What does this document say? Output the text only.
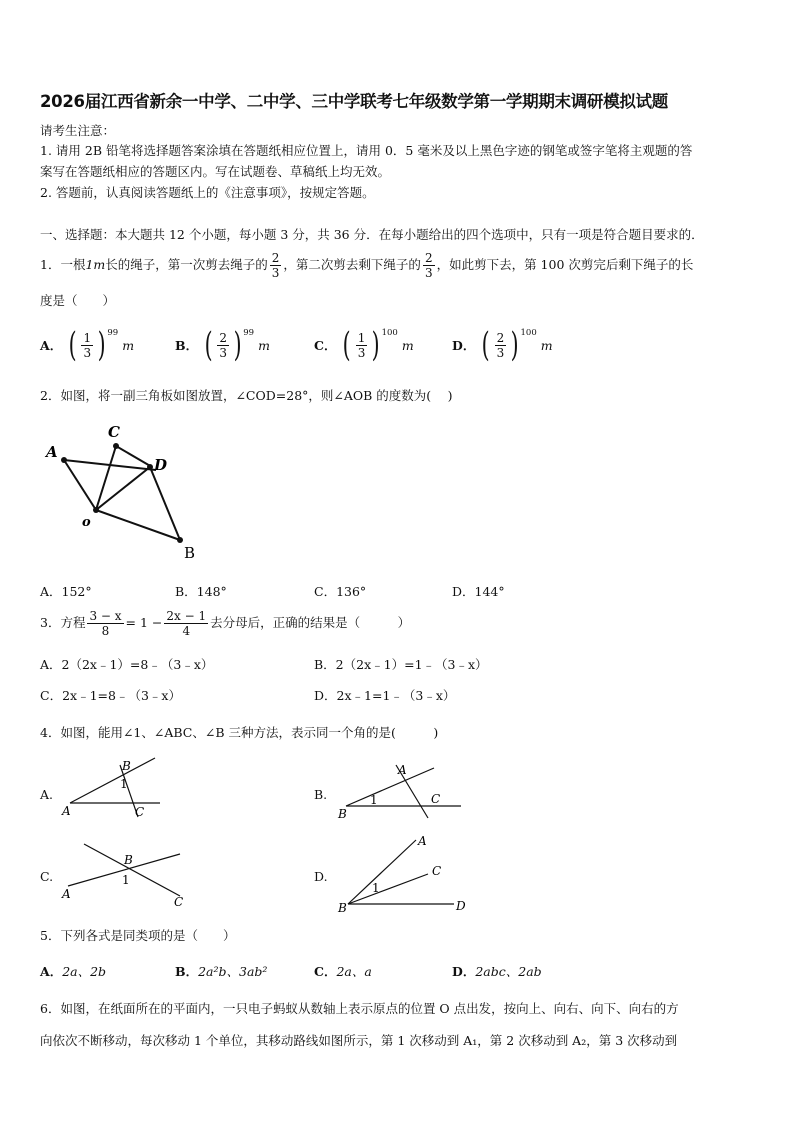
2026届江西省新余一中学、二中学、三中学联考七年级数学第一学期期末调研模拟试题
请考生注意：
1. 请用 2B 铅笔将选择题答案涂填在答题纸相应位置上，请用 0．5 毫米及以上黑色字迹的钢笔或签字笔将主观题的答
案写在答题纸相应的答题区内。写在试题卷、草稿纸上均无效。
2. 答题前，认真阅读答题纸上的《注意事项》，按规定答题。
一、选择题：本大题共 12 个小题，每小题 3 分，共 36 分．在每小题给出的四个选项中，只有一项是符合题目要求的．
1．一根1m长的绳子，第一次剪去绳子的 $\frac{2}{3}$ ，第二次剪去剩下绳子的 $\frac{2}{3}$ ，如此剪下去，第 100 次剪完后剩下绳子的长
度是（　　）
A． ( $\frac{1}{3}$ ) $^{99}$m	B． ( $\frac{2}{3}$ ) $^{99}$m	C． ( $\frac{1}{3}$ ) $^{100}$m	D． ( $\frac{2}{3}$ ) $^{100}$m
2．如图，将一副三角板如图放置，∠COD=28°，则∠AOB 的度数为(　 )
A
C
D
o
B
A．152°	B．148°	C．136°	D．144°
3．方程 $\frac{3 - x}{8} = 1 - \frac{2x - 1}{4}$ 去分母后，正确的结果是（　　　）
A．2（2x﹣1）=8﹣（3﹣x）	B．2（2x﹣1）=1﹣（3﹣x）
C．2x﹣1=8﹣（3﹣x）	D．2x﹣1=1﹣（3﹣x）
4．如图，能用∠1、∠ABC、∠B 三种方法，表示同一个角的是(　　　)
A.
A
B
1
C
B.
B
A
1	C
C.
A
B
1
C
D.
B
A
C
1
D
5．下列各式是同类项的是（　　）
A．2a、2b	B．2a²b、3ab²	C．2a、a	D．2abc、2ab
6．如图，在纸面所在的平面内，一只电子蚂蚁从数轴上表示原点的位置 O 点出发，按向上、向右、向下、向右的方
向依次不断移动，每次移动 1 个单位，其移动路线如图所示，第 1 次移动到 A₁，第 2 次移动到 A₂，第 3 次移动到
